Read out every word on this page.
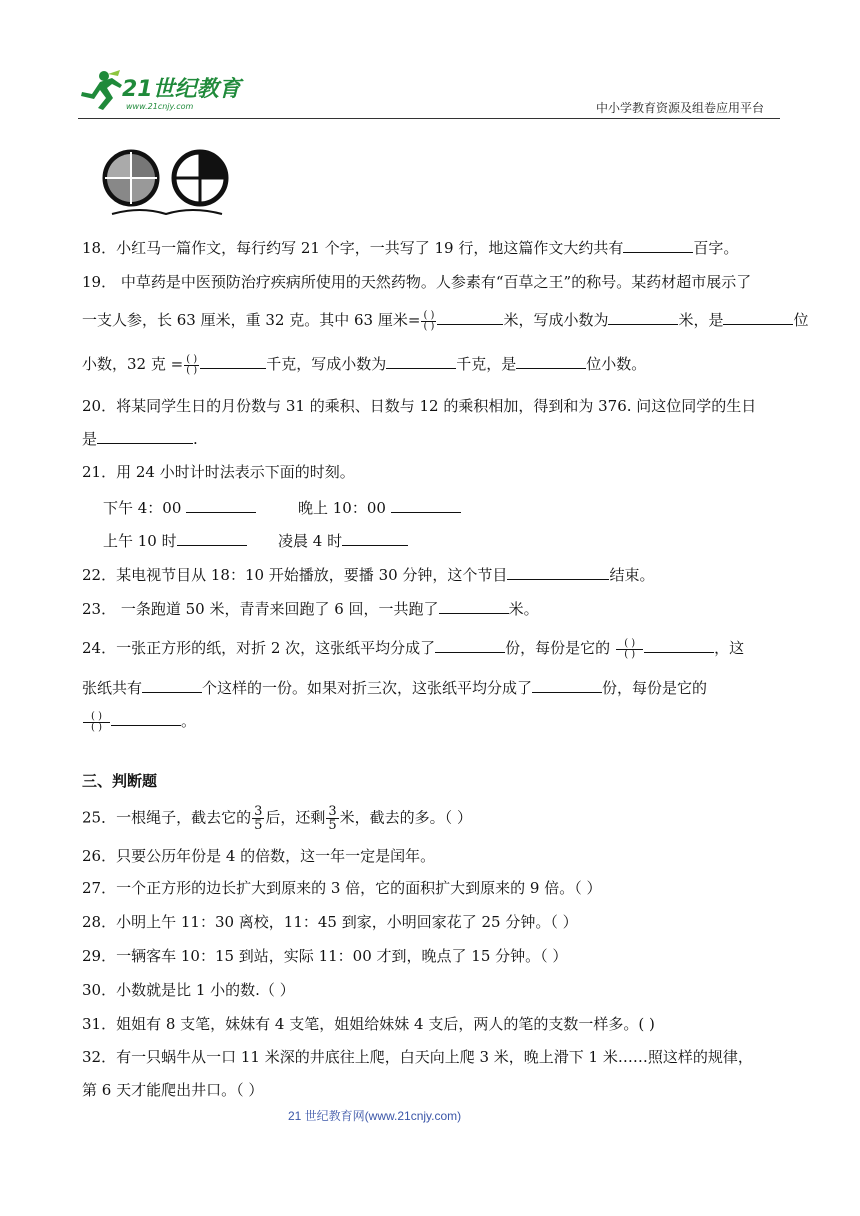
21世纪教育
www.21cnjy.com	中小学教育资源及组卷应用平台
18．小红马一篇作文，每行约写 21 个字，一共写了 19 行，地这篇作文大约共有	百字。
19． 中草药是中医预防治疗疾病所使用的天然药物。人参素有“百草之王”的称号。某药材超市展示了
一支人参，长 63 厘米，重 32 克。其中 63 厘米= $\frac{( )}{( )}$	米，写成小数为	米，是	位
小数，32 克 = $\frac{( )}{( )}$	千克，写成小数为	千克，是	位小数。
20．将某同学生日的月份数与 31 的乘积、日数与 12 的乘积相加，得到和为 376. 问这位同学的生日
是	.
21．用 24 小时计时法表示下面的时刻。
下午 4：00	晚上 10：00
上午 10 时	凌晨 4 时
22．某电视节目从 18：10 开始播放，要播 30 分钟，这个节目	结束。
23． 一条跑道 50 米，青青来回跑了 6 回，一共跑了	米。
24．一张正方形的纸，对折 2 次，这张纸平均分成了	份，每份是它的 $\frac{( )}{( )}$	，这
张纸共有	个这样的一份。如果对折三次，这张纸平均分成了	份，每份是它的
$\frac{( )}{( )}$	。
三、判断题
25．一根绳子，截去它的 $\frac{3}{5}$ 后，还剩 $\frac{3}{5}$ 米，截去的多。（ ）
26．只要公历年份是 4 的倍数，这一年一定是闰年。
27．一个正方形的边长扩大到原来的 3 倍，它的面积扩大到原来的 9 倍。（ ）
28．小明上午 11：30 离校，11：45 到家，小明回家花了 25 分钟。（ ）
29．一辆客车 10：15 到站，实际 11：00 才到，晚点了 15 分钟。（ ）
30．小数就是比 1 小的数.（ ）
31．姐姐有 8 支笔，妹妹有 4 支笔，姐姐给妹妹 4 支后，两人的笔的支数一样多。( )
32．有一只蜗牛从一口 11 米深的井底往上爬，白天向上爬 3 米，晚上滑下 1 米……照这样的规律，
第 6 天才能爬出井口。（ ）
21 世纪教育网(www.21cnjy.com)
